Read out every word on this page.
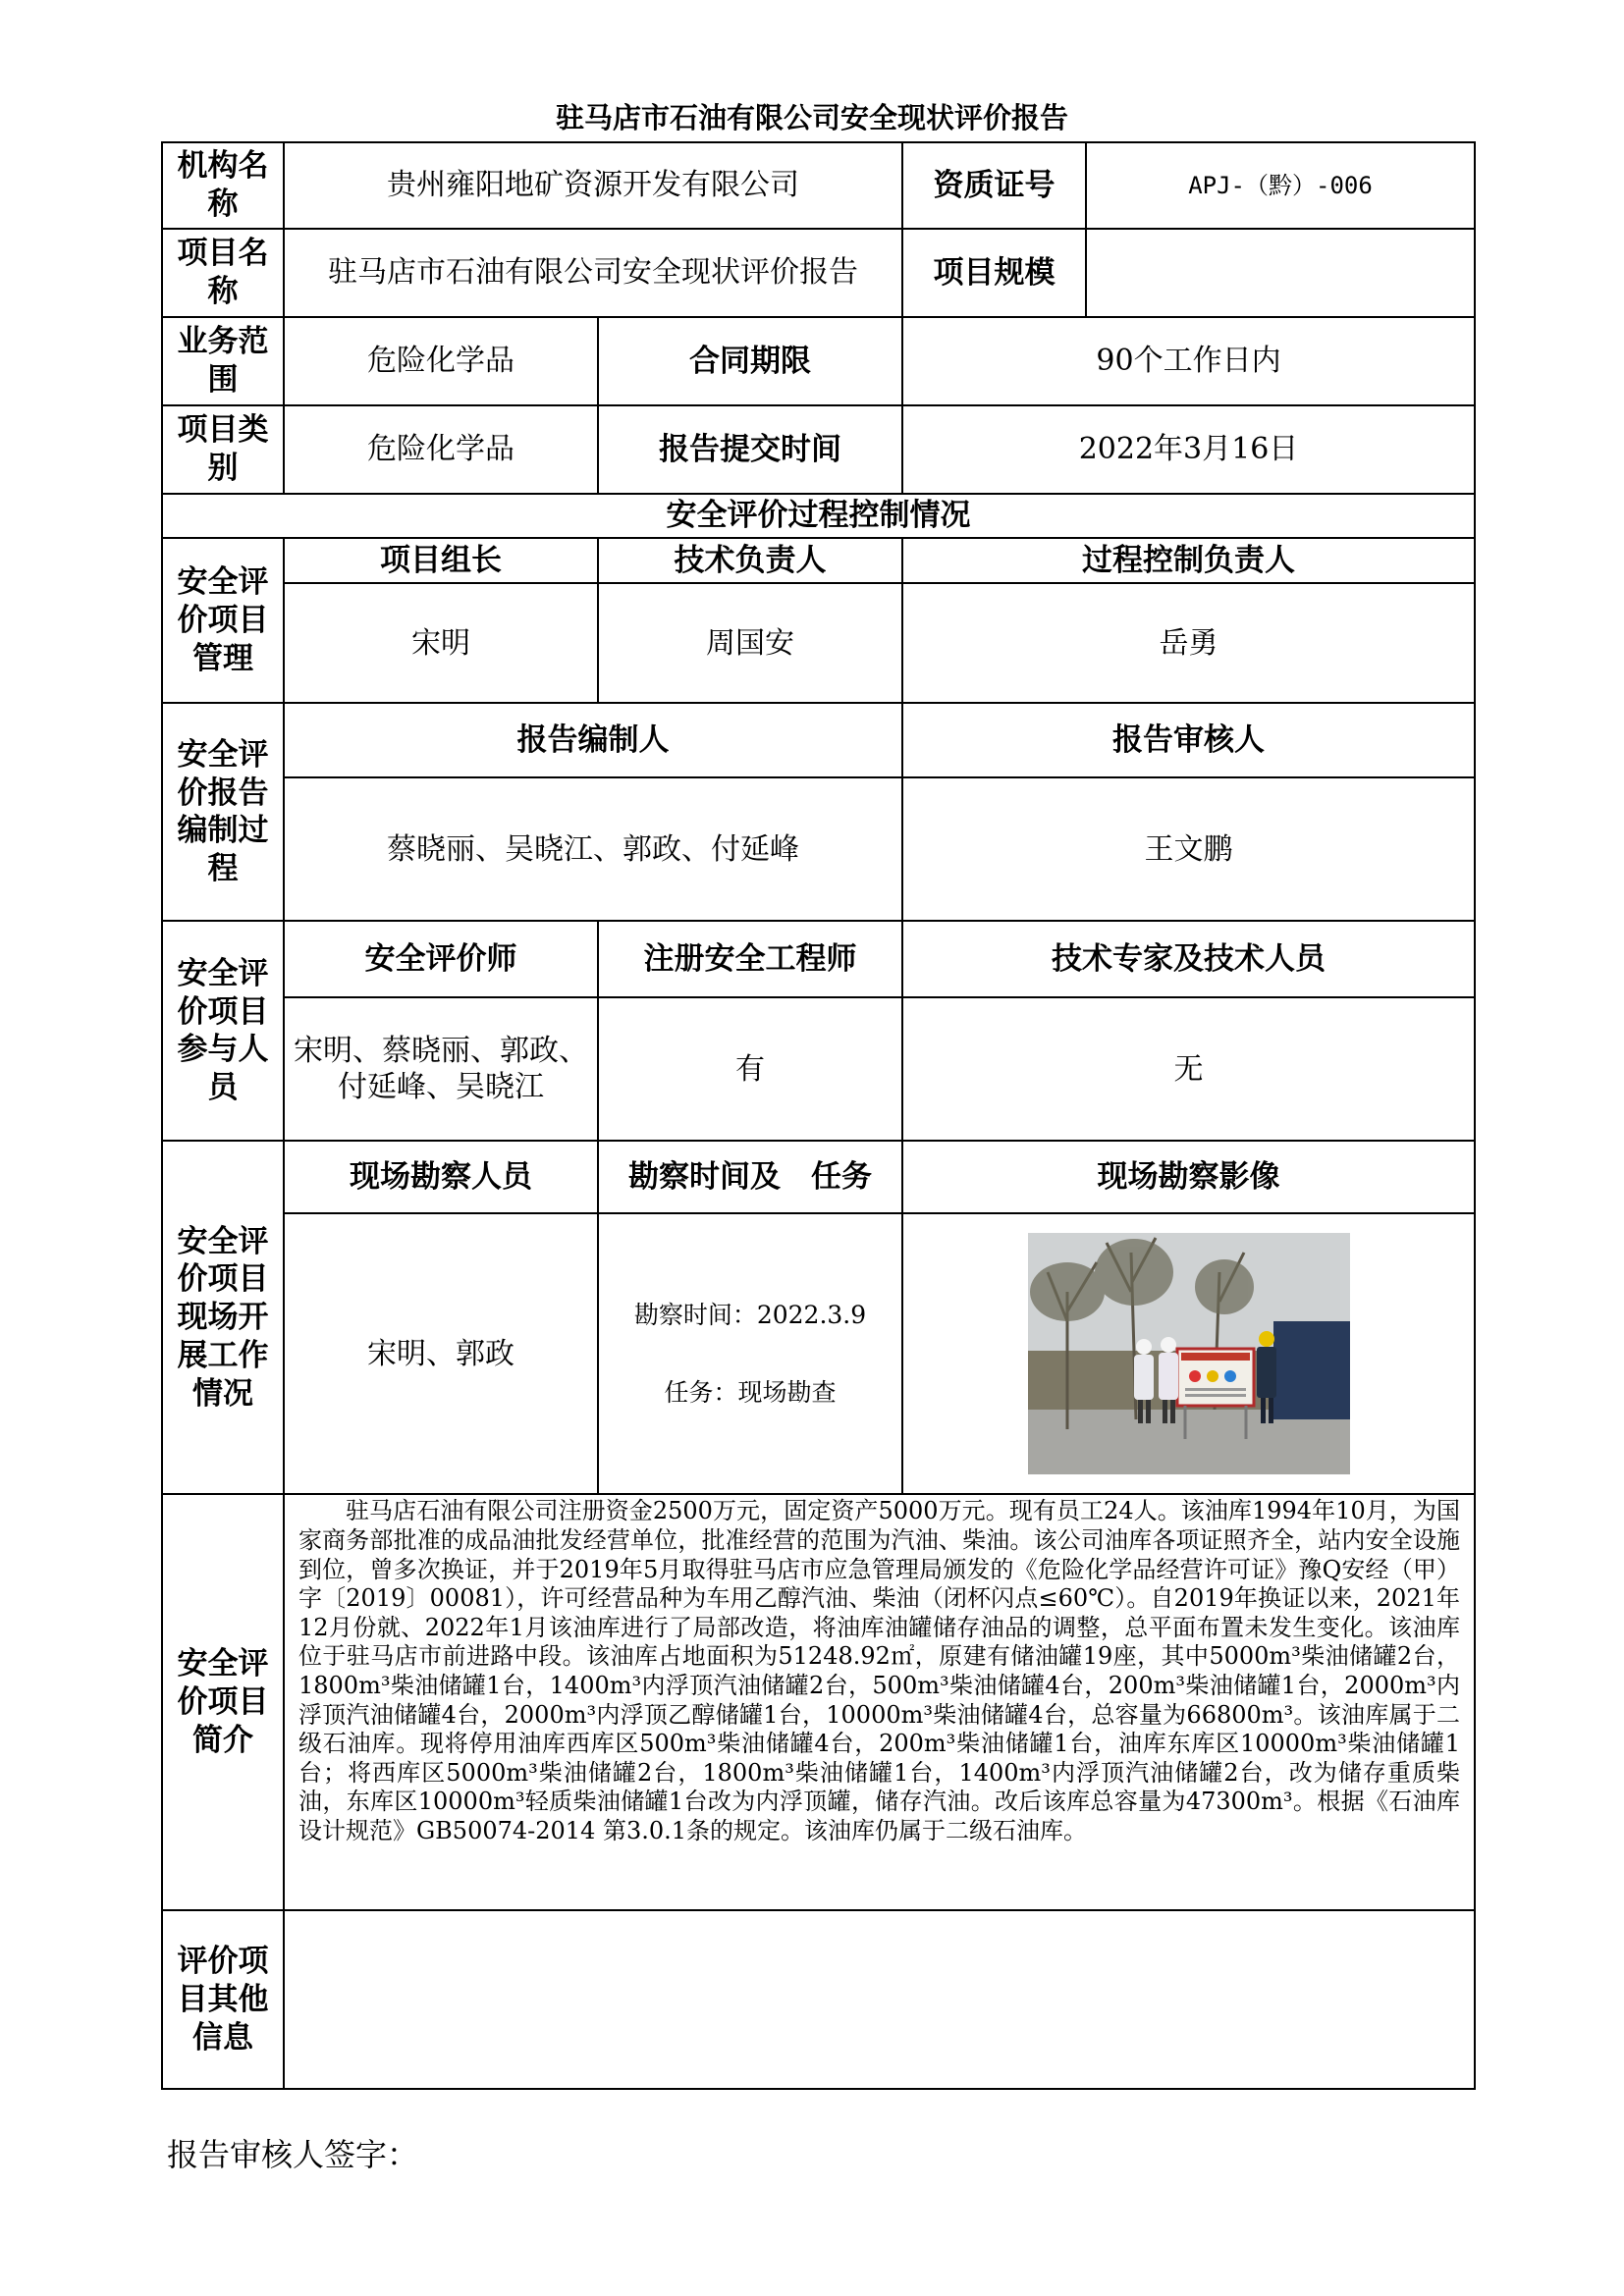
驻马店市石油有限公司安全现状评价报告
机构名称	贵州雍阳地矿资源开发有限公司		资质证号	APJ-（黔）-006
项目名称	驻马店市石油有限公司安全现状评价报告		项目规模	
业务范围	危险化学品	合同期限	90个工作日内	
项目类别	危险化学品	报告提交时间	2022年3月16日	
安全评价过程控制情况				
安全评价项目管理	项目组长	技术负责人	过程控制负责人	
	宋明	周国安	岳勇	
安全评价报告编制过程	报告编制人		报告审核人	
	蔡晓丽、吴晓江、郭政、付延峰		王文鹏	
安全评价项目参与人员	安全评价师	注册安全工程师	技术专家及技术人员	

	宋明、蔡晓丽、郭政、
付延峰、吴晓江	有	无	
安全评价项目现场开展工作情况	现场勘察人员	勘察时间及　任务	现场勘察影像	
	宋明、郭政	勘察时间：2022.3.9

任务：现场勘查

安全评价项目简介	驻马店石油有限公司注册资金2500万元，固定资产5000万元。现有员工24人。该油库1994年10月，为国家商务部批准的成品油批发经营单位，批准经营的范围为汽油、柴油。该公司油库各项证照齐全，站内安全设施到位，曾多次换证，并于2019年5月取得驻马店市应急管理局颁发的《危险化学品经营许可证》豫Q安经（甲）字〔2019〕00081），许可经营品种为车用乙醇汽油、柴油（闭杯闪点≤60℃）。自2019年换证以来，2021年12月份就、2022年1月该油库进行了局部改造，将油库油罐储存油品的调整，总平面布置未发生变化。该油库位于驻马店市前进路中段。该油库占地面积为51248.92㎡，原建有储油罐19座，其中5000m³柴油储罐2台，1800m³柴油储罐1台，1400m³内浮顶汽油储罐2台，500m³柴油储罐4台，200m³柴油储罐1台，2000m³内浮顶汽油储罐4台，2000m³内浮顶乙醇储罐1台，10000m³柴油储罐4台，总容量为66800m³。该油库属于二级石油库。现将停用油库西库区500m³柴油储罐4台，200m³柴油储罐1台，油库东库区10000m³柴油储罐1台；将西库区5000m³柴油储罐2台，1800m³柴油储罐1台，1400m³内浮顶汽油储罐2台，改为储存重质柴油，东库区10000m³轻质柴油储罐1台改为内浮顶罐，储存汽油。改后该库总容量为47300m³。根据《石油库设计规范》GB50074-2014 第3.0.1条的规定。该油库仍属于二级石油库。			

评价项目其他信息				
报告审核人签字：
